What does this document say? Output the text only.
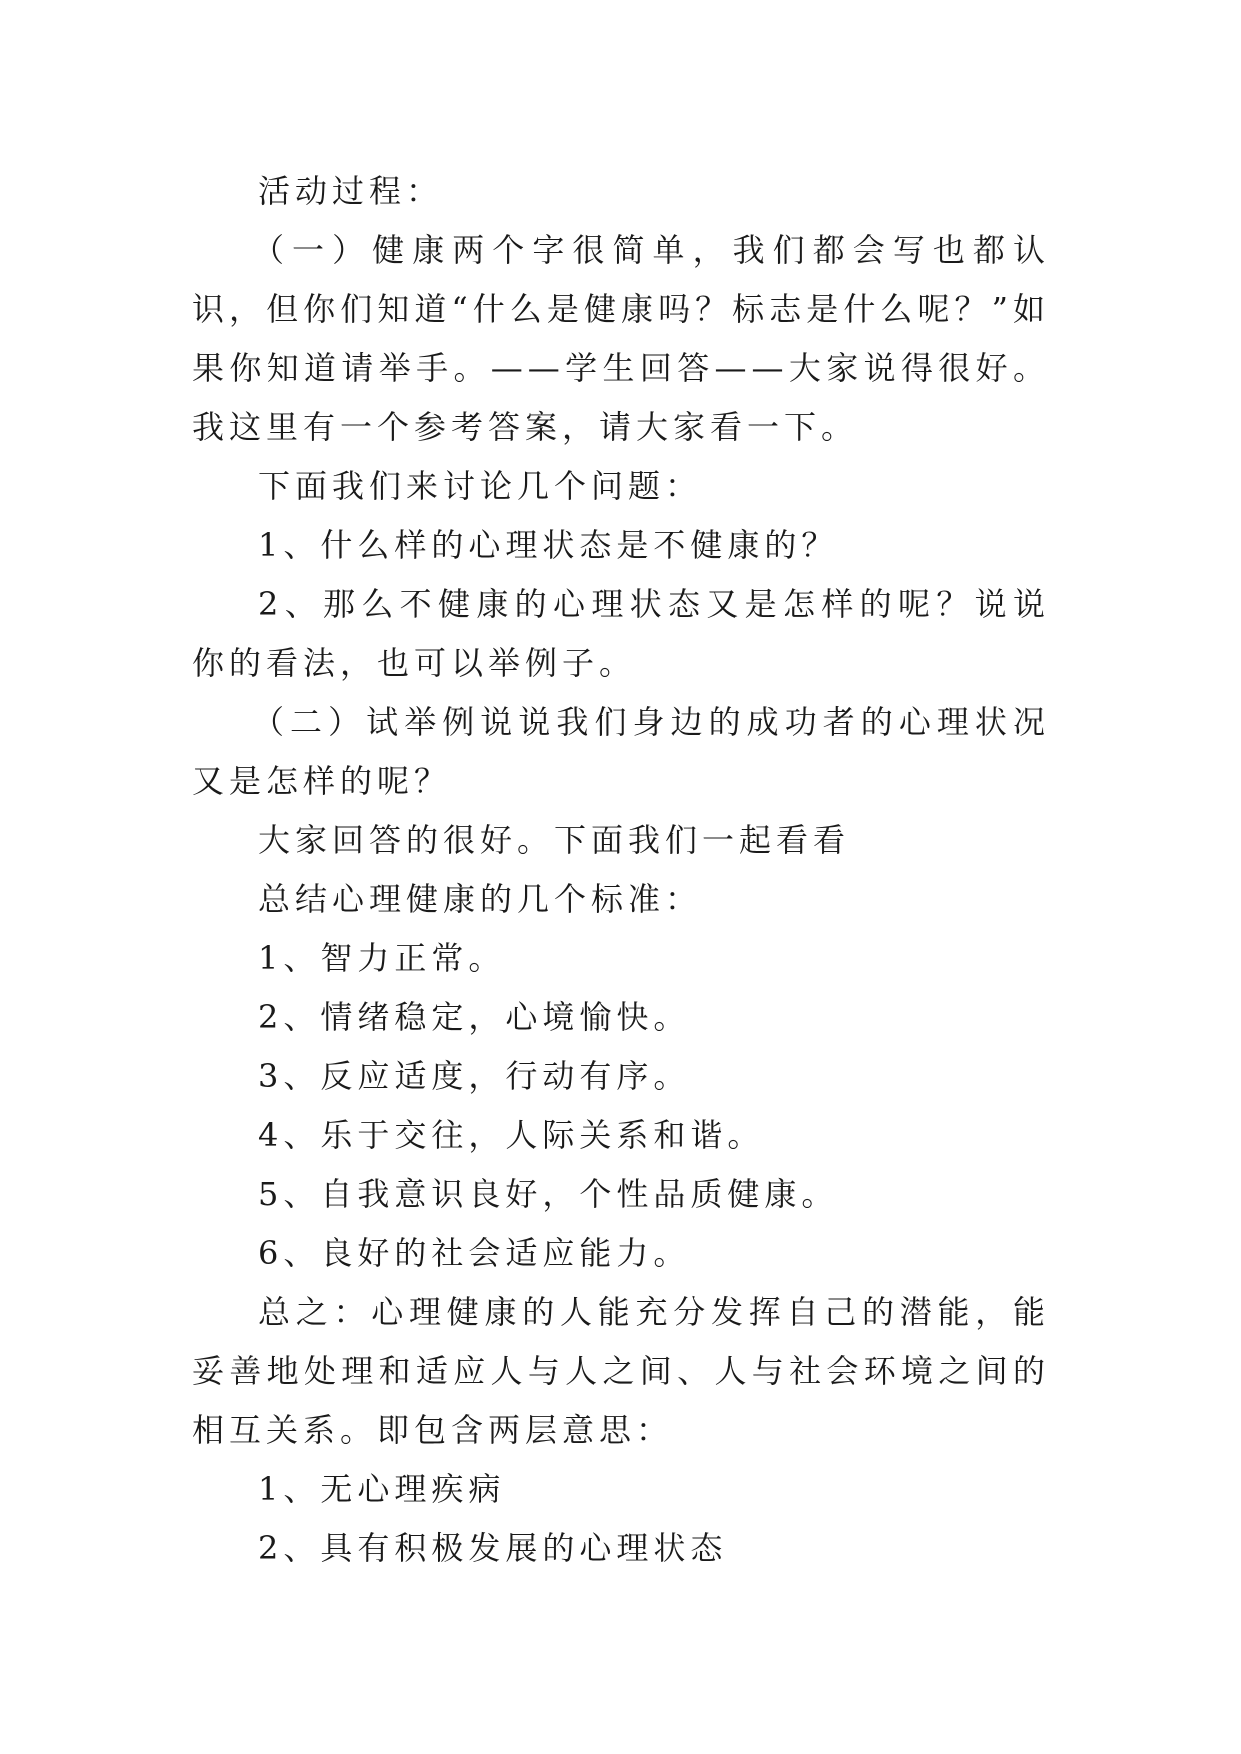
活动过程：

（一）健康两个字很简单，我们都会写也都认识，但你们知道“什么是健康吗？标志是什么呢？”如果你知道请举手。——学生回答——大家说得很好。我这里有一个参考答案，请大家看一下。

下面我们来讨论几个问题：

1、什么样的心理状态是不健康的？

2、那么不健康的心理状态又是怎样的呢？说说你的看法，也可以举例子。

（二）试举例说说我们身边的成功者的心理状况又是怎样的呢？

大家回答的很好。下面我们一起看看

总结心理健康的几个标准：

1、智力正常。

2、情绪稳定，心境愉快。

3、反应适度，行动有序。

4、乐于交往，人际关系和谐。

5、自我意识良好，个性品质健康。

6、良好的社会适应能力。

总之：心理健康的人能充分发挥自己的潜能，能妥善地处理和适应人与人之间、人与社会环境之间的相互关系。即包含两层意思：

1、无心理疾病

2、具有积极发展的心理状态
